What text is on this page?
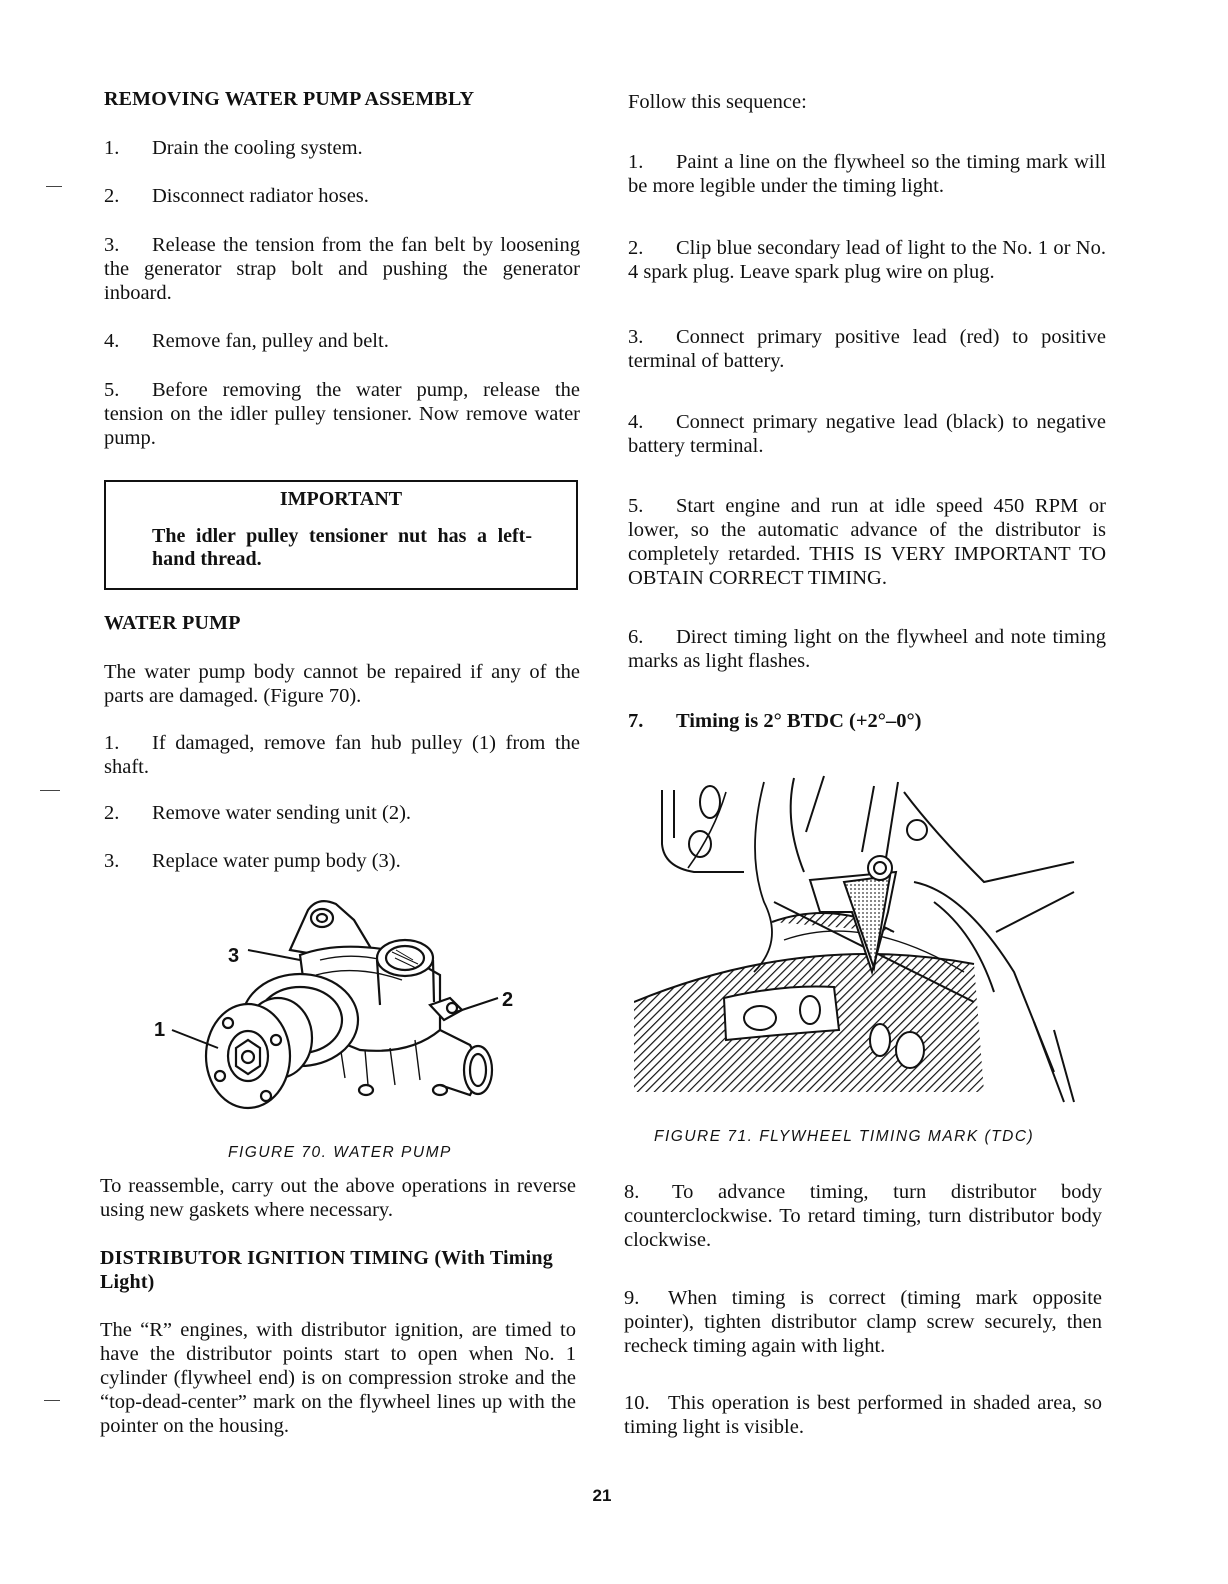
REMOVING WATER PUMP ASSEMBLY
1. Drain the cooling system.
2. Disconnect radiator hoses.
3. Release the tension from the fan belt by loosening the generator strap bolt and pushing the generator inboard.
4. Remove fan, pulley and belt.
5. Before removing the water pump, release the tension on the idler pulley tensioner. Now remove water pump.
IMPORTANT
The idler pulley tensioner nut has a left-hand thread.
WATER PUMP
The water pump body cannot be repaired if any of the parts are damaged. (Figure 70).
1. If damaged, remove fan hub pulley (1) from the shaft.
2. Remove water sending unit (2).
3. Replace water pump body (3).
3
2
1
FIGURE 70. WATER PUMP
To reassemble, carry out the above operations in reverse using new gaskets where necessary.
DISTRIBUTOR IGNITION TIMING (With Timing Light)
The “R” engines, with distributor ignition, are timed to have the distributor points start to open when No. 1 cylinder (flywheel end) is on compression stroke and the “top-dead-center” mark on the flywheel lines up with the pointer on the housing.
Follow this sequence:
1. Paint a line on the flywheel so the timing mark will be more legible under the timing light.
2. Clip blue secondary lead of light to the No. 1 or No. 4 spark plug. Leave spark plug wire on plug.
3. Connect primary positive lead (red) to positive terminal of battery.
4. Connect primary negative lead (black) to negative battery terminal.
5. Start engine and run at idle speed 450 RPM or lower, so the automatic advance of the distributor is completely retarded. THIS IS VERY IMPORTANT TO OBTAIN CORRECT TIMING.
6. Direct timing light on the flywheel and note timing marks as light flashes.
7. Timing is 2° BTDC (+2°–0°)
FIGURE 71. FLYWHEEL TIMING MARK (TDC)
8. To advance timing, turn distributor body counterclockwise. To retard timing, turn distributor body clockwise.
9. When timing is correct (timing mark opposite pointer), tighten distributor clamp screw securely, then recheck timing again with light.
10. This operation is best performed in shaded area, so timing light is visible.
21
